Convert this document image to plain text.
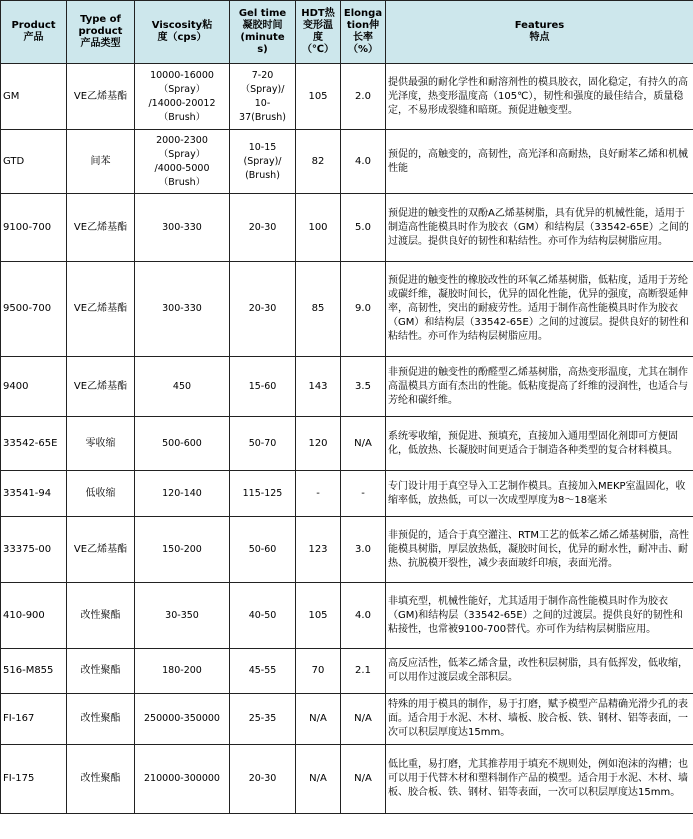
Product
产品	Type of
product
产品类型	Viscosity粘
度（cps）	Gel time
凝胶时间
(minute
s)	HDT热
变形温
度
（℃）	Elonga
tion伸
长率
（%）	Features
特点

GM	VE乙烯基酯	10000-16000
（Spray）
/14000-20012
（Brush）	7-20
（Spray)/
10-
37(Brush)	105	2.0	提供最强的耐化学性和耐溶剂性的模具胶衣，固化稳定，有持久的高光泽度，热变形温度高（105℃），韧性和强度的最佳结合，质量稳定，不易形成裂缝和暗斑。预促进触变型。
GTD	间苯	2000-2300
（Spray）
/4000-5000
（Brush）	10-15
(Spray)/
(Brush)	82	4.0	预促的，高触变的，高韧性，高光泽和高耐热，良好耐苯乙烯和机械性能
9100-700	VE乙烯基酯	300-330	20-30	100	5.0	预促进的触变性的双酚A乙烯基树脂，具有优异的机械性能，适用于制造高性能模具时作为胶衣（GM）和结构层（33542-65E）之间的过渡层。提供良好的韧性和粘结性。亦可作为结构层树脂应用。
9500-700	VE乙烯基酯	300-330	20-30	85	9.0	预促进的触变性的橡胶改性的环氧乙烯基树脂，低粘度，适用于芳纶或碳纤维，凝胶时间长，优异的固化性能，优异的强度，高断裂延伸率，高韧性，突出的耐疲劳性。适用于制作高性能模具时作为胶衣（GM）和结构层（33542-65E）之间的过渡层。提供良好的韧性和粘结性。亦可作为结构层树脂应用。
9400	VE乙烯基酯	450	15-60	143	3.5	非预促进的触变性的酚醛型乙烯基树脂，高热变形温度，尤其在制作高温模具方面有杰出的性能。低粘度提高了纤维的浸润性，也适合与芳纶和碳纤维。
33542-65E	零收缩	500-600	50-70	120	N/A	系统零收缩，预促进、预填充，直接加入通用型固化剂即可方便固化，低放热、长凝胶时间更适合于制造各种类型的复合材料模具。
33541-94	低收缩	120-140	115-125	-	-	专门设计用于真空导入工艺制作模具。直接加入MEKP室温固化，收缩率低，放热低，可以一次成型厚度为8～18毫米
33375-00	VE乙烯基酯	150-200	50-60	123	3.0	非预促的，适合于真空灌注、RTM工艺的低苯乙烯乙烯基树脂，高性能模具树脂，厚层放热低，凝胶时间长，优异的耐水性，耐冲击、耐热、抗脱模开裂性，减少表面玻纤印痕，表面光滑。
410-900	改性聚酯	30-350	40-50	105	4.0	非填充型，机械性能好，尤其适用于制作高性能模具时作为胶衣（GM)和结构层（33542-65E）之间的过渡层。提供良好的韧性和粘接性，也常被9100-700替代。亦可作为结构层树脂应用。
516-M855	改性聚酯	180-200	45-55	70	2.1	高反应活性，低苯乙烯含量，改性积层树脂，具有低挥发，低收缩，可以用作过渡层或全部积层。
FI-167	改性聚酯	250000-350000	25-35	N/A	N/A	特殊的用于模具的制作，易于打磨，赋予模型产品精确光滑少孔的表面。适合用于水泥、木材、墙板、胶合板、铁、钢材、铝等表面，一次可以积层厚度达15mm。
FI-175	改性聚酯	210000-300000	20-30	N/A	N/A	低比重，易打磨，尤其推荐用于填充不规则处，例如泡沫的沟槽；也可以用于代替木材和塑料制作产品的模型。适合用于水泥、木材、墙板、胶合板、铁、钢材、铝等表面，一次可以积层厚度达15mm。
